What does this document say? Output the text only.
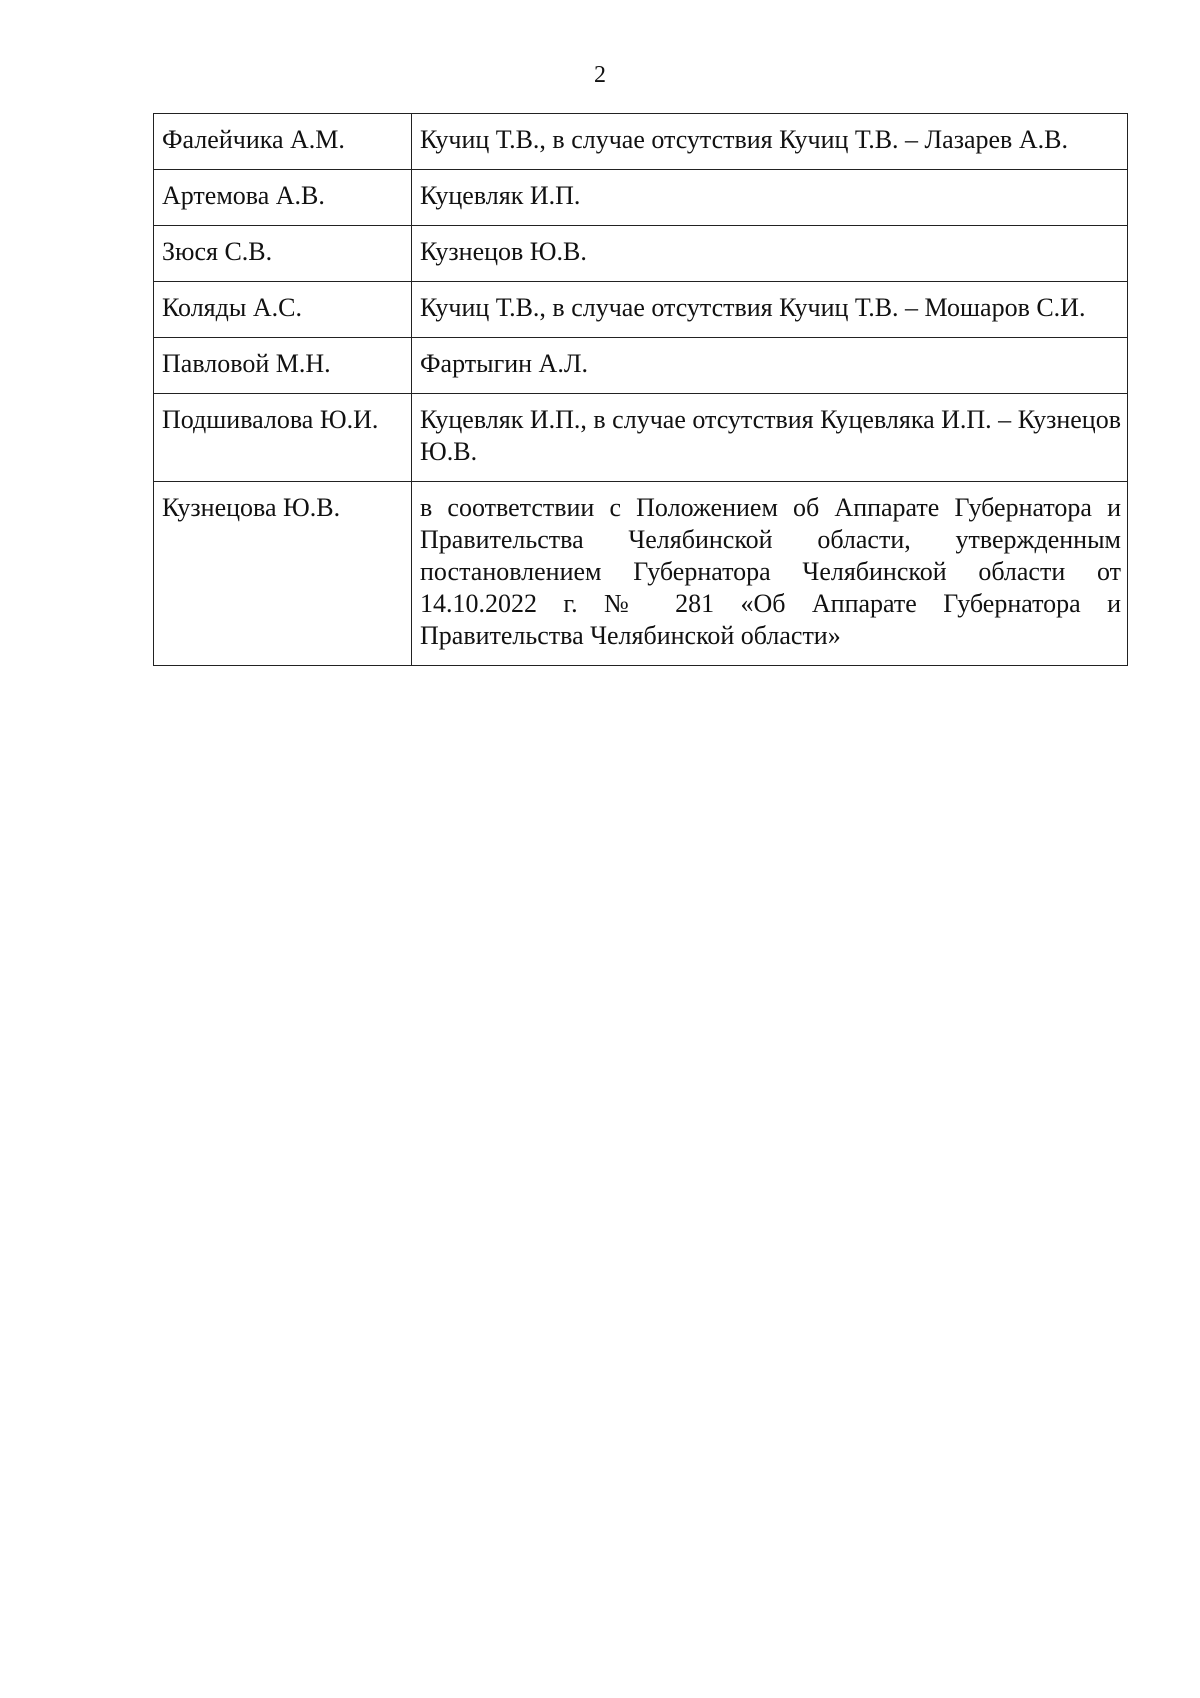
2
Фалейчика А.М.	Кучиц Т.В., в случае отсутствия Кучиц Т.В. – Лазарев А.В.
Артемова А.В.	Куцевляк И.П.
Зюся С.В.	Кузнецов Ю.В.
Коляды А.С.	Кучиц Т.В., в случае отсутствия Кучиц Т.В. – Мошаров С.И.
Павловой М.Н.	Фартыгин А.Л.
Подшивалова Ю.И.	Куцевляк И.П., в случае отсутствия Куцевляка И.П. – Кузнецов Ю.В.
Кузнецова Ю.В.	в соответствии с Положением об Аппарате Губернатора и Правительства Челябинской области, утвержденным постановлением Губернатора Челябинской области от 14.10.2022 г. № 281 «Об Аппарате Губернатора и Правительства Челябинской области»
